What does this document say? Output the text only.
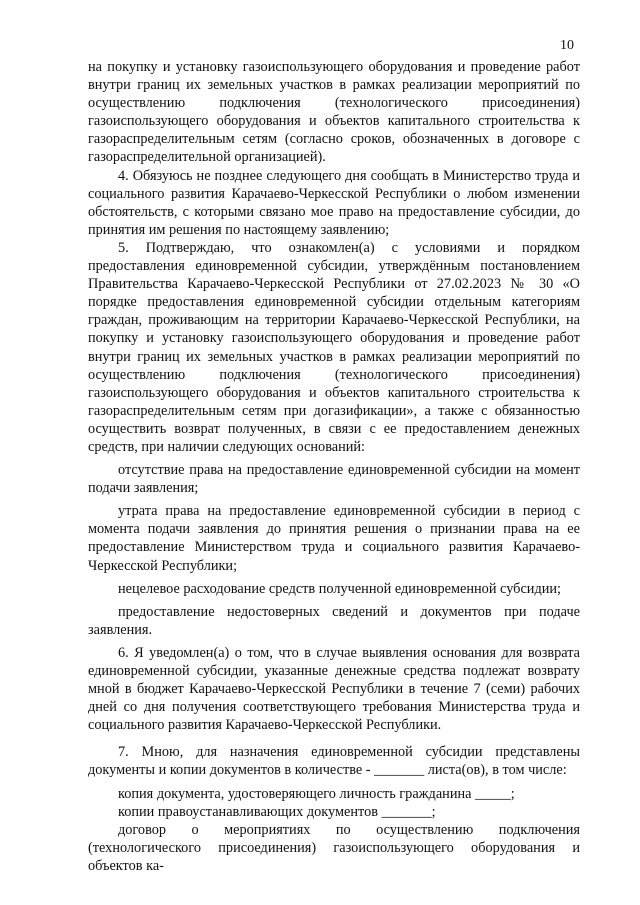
10

на покупку и установку газоиспользующего оборудования и проведение работ внутри границ их земельных участков в рамках реализации мероприятий по осуществлению подключения (технологического присоединения) газоиспользующего оборудования и объектов капитального строительства к газораспределительным сетям (согласно сроков, обозначенных в договоре с газораспределительной организацией).

4. Обязуюсь не позднее следующего дня сообщать в Министерство труда и социального развития Карачаево-Черкесской Республики о любом изменении обстоятельств, с которыми связано мое право на предоставление субсидии, до принятия им решения по настоящему заявлению;

5. Подтверждаю, что ознакомлен(а) с условиями и порядком предоставления единовременной субсидии, утверждённым постановлением Правительства Карачаево-Черкесской Республики от 27.02.2023 № 30 «О порядке предоставления единовременной субсидии отдельным категориям граждан, проживающим на территории Карачаево-Черкесской Республики, на покупку и установку газоиспользующего оборудования и проведение работ внутри границ их земельных участков в рамках реализации мероприятий по осуществлению подключения (технологического присоединения) газоиспользующего оборудования и объектов капитального строительства к газораспределительным сетям при догазификации», а также с обязанностью осуществить возврат полученных, в связи с ее предоставлением денежных средств, при наличии следующих оснований:

отсутствие права на предоставление единовременной субсидии на момент подачи заявления;

утрата права на предоставление единовременной субсидии в период с момента подачи заявления до принятия решения о признании права на ее предоставление Министерством труда и социального развития Карачаево-Черкесской Республики;

нецелевое расходование средств полученной единовременной субсидии;

предоставление недостоверных сведений и документов при подаче заявления.

6. Я уведомлен(а) о том, что в случае выявления основания для возврата единовременной субсидии, указанные денежные средства подлежат возврату мной в бюджет Карачаево-Черкесской Республики в течение 7 (семи) рабочих дней со дня получения соответствующего требования Министерства труда и социального развития Карачаево-Черкесской Республики.

7. Мною, для назначения единовременной субсидии представлены документы и копии документов в количестве - _______ листа(ов), в том числе:

копия документа, удостоверяющего личность гражданина _____;

копии правоустанавливающих документов _______;

договор о мероприятиях по осуществлению подключения (технологического присоединения) газоиспользующего оборудования и объектов ка-
